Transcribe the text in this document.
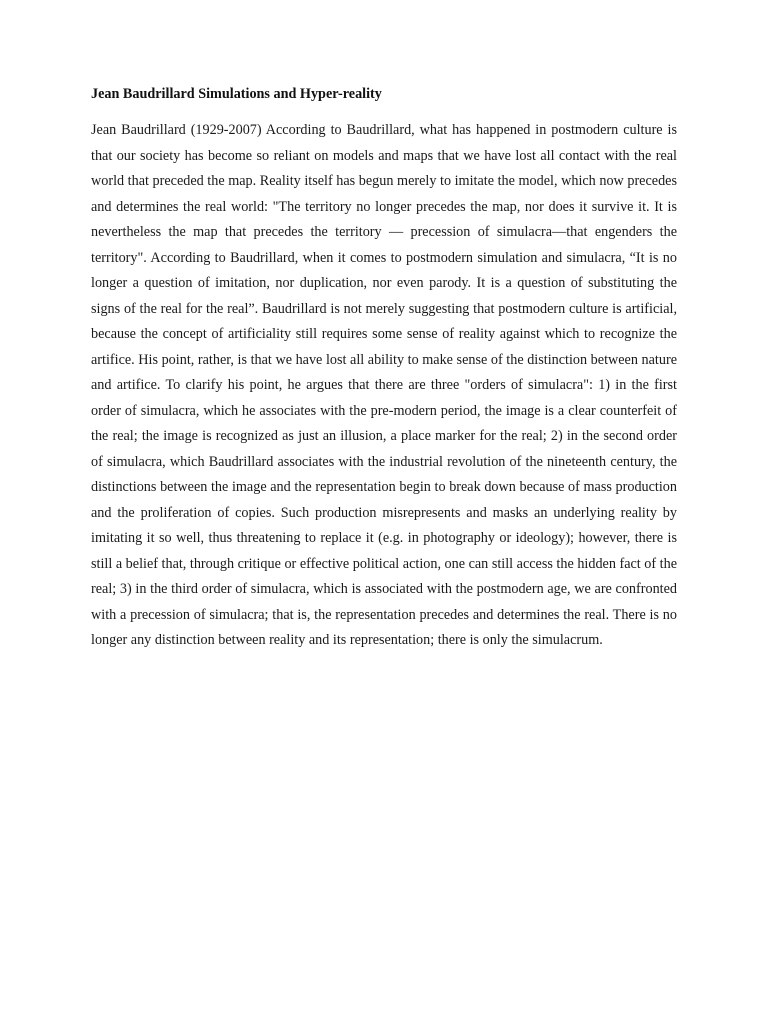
Jean Baudrillard Simulations and Hyper-reality

Jean Baudrillard (1929-2007) According to Baudrillard, what has happened in postmodern culture is that our society has become so reliant on models and maps that we have lost all contact with the real world that preceded the map. Reality itself has begun merely to imitate the model, which now precedes and determines the real world: "The territory no longer precedes the map, nor does it survive it. It is nevertheless the map that precedes the territory — precession of simulacra—that engenders the territory". According to Baudrillard, when it comes to postmodern simulation and simulacra, “It is no longer a question of imitation, nor duplication, nor even parody. It is a question of substituting the signs of the real for the real”. Baudrillard is not merely suggesting that postmodern culture is artificial, because the concept of artificiality still requires some sense of reality against which to recognize the artifice. His point, rather, is that we have lost all ability to make sense of the distinction between nature and artifice. To clarify his point, he argues that there are three "orders of simulacra": 1) in the first order of simulacra, which he associates with the pre-modern period, the image is a clear counterfeit of the real; the image is recognized as just an illusion, a place marker for the real; 2) in the second order of simulacra, which Baudrillard associates with the industrial revolution of the nineteenth century, the distinctions between the image and the representation begin to break down because of mass production and the proliferation of copies. Such production misrepresents and masks an underlying reality by imitating it so well, thus threatening to replace it (e.g. in photography or ideology); however, there is still a belief that, through critique or effective political action, one can still access the hidden fact of the real; 3) in the third order of simulacra, which is associated with the postmodern age, we are confronted with a precession of simulacra; that is, the representation precedes and determines the real. There is no longer any distinction between reality and its representation; there is only the simulacrum.
